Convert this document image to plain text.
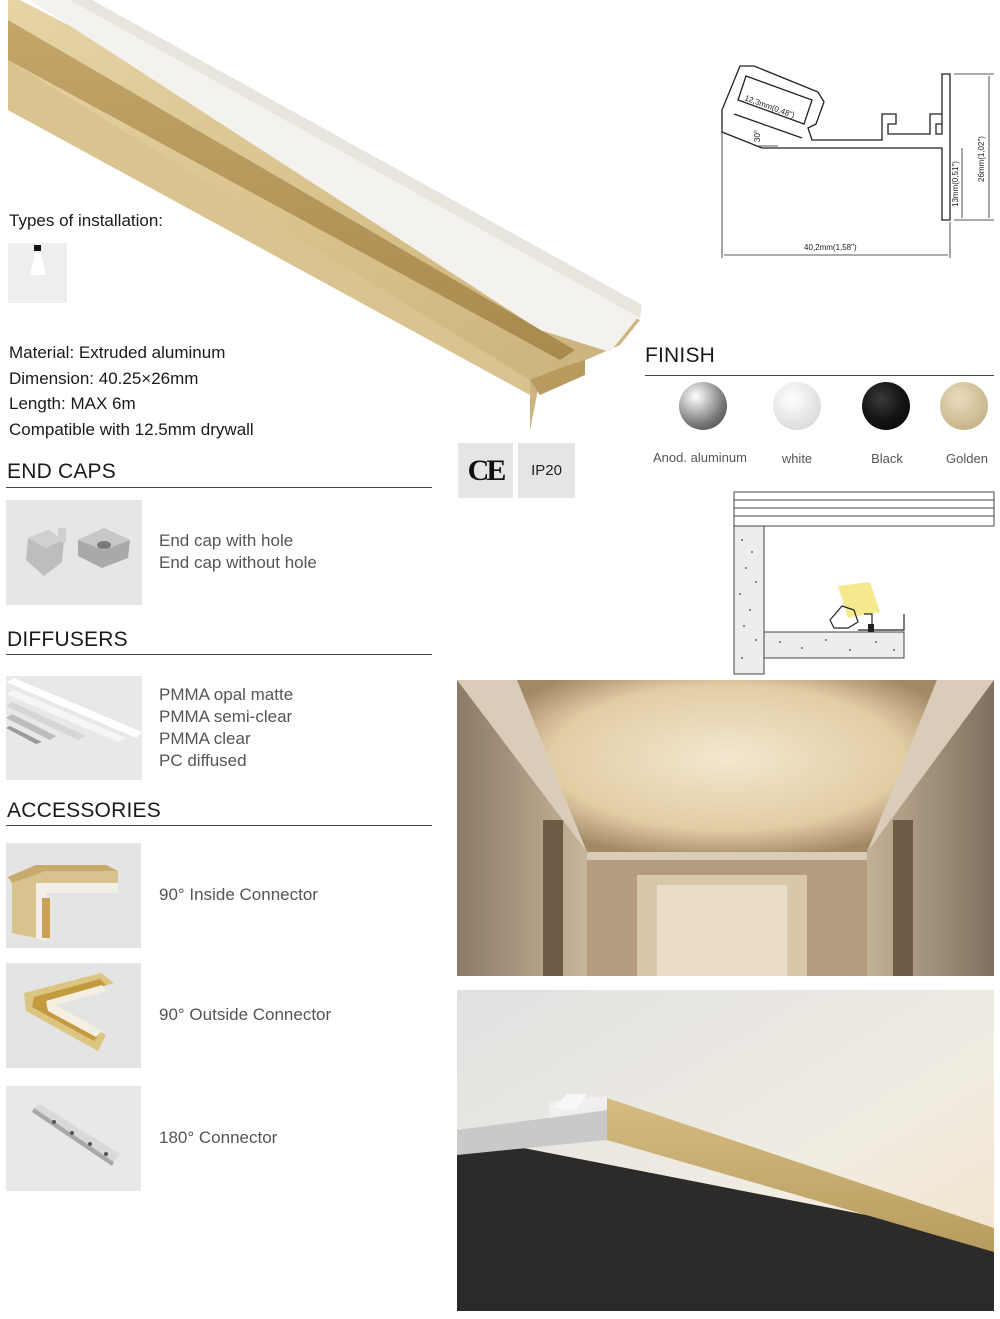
Types of installation:
Material: Extruded aluminum
Dimension: 40.25×26mm
Length: MAX 6m
Compatible with 12.5mm drywall
CE IP20
END CAPS
End cap with hole
End cap without hole
DIFFUSERS
PMMA opal matte
PMMA semi-clear
PMMA clear
PC diffused
ACCESSORIES
90° Inside Connector
90° Outside Connector
180° Connector
40,2mm(1,58")
26mm(1,02")
13mm(0,51")
12,3mm(0,48")
30°
FINISH
Anod. aluminum	white	Black	Golden
